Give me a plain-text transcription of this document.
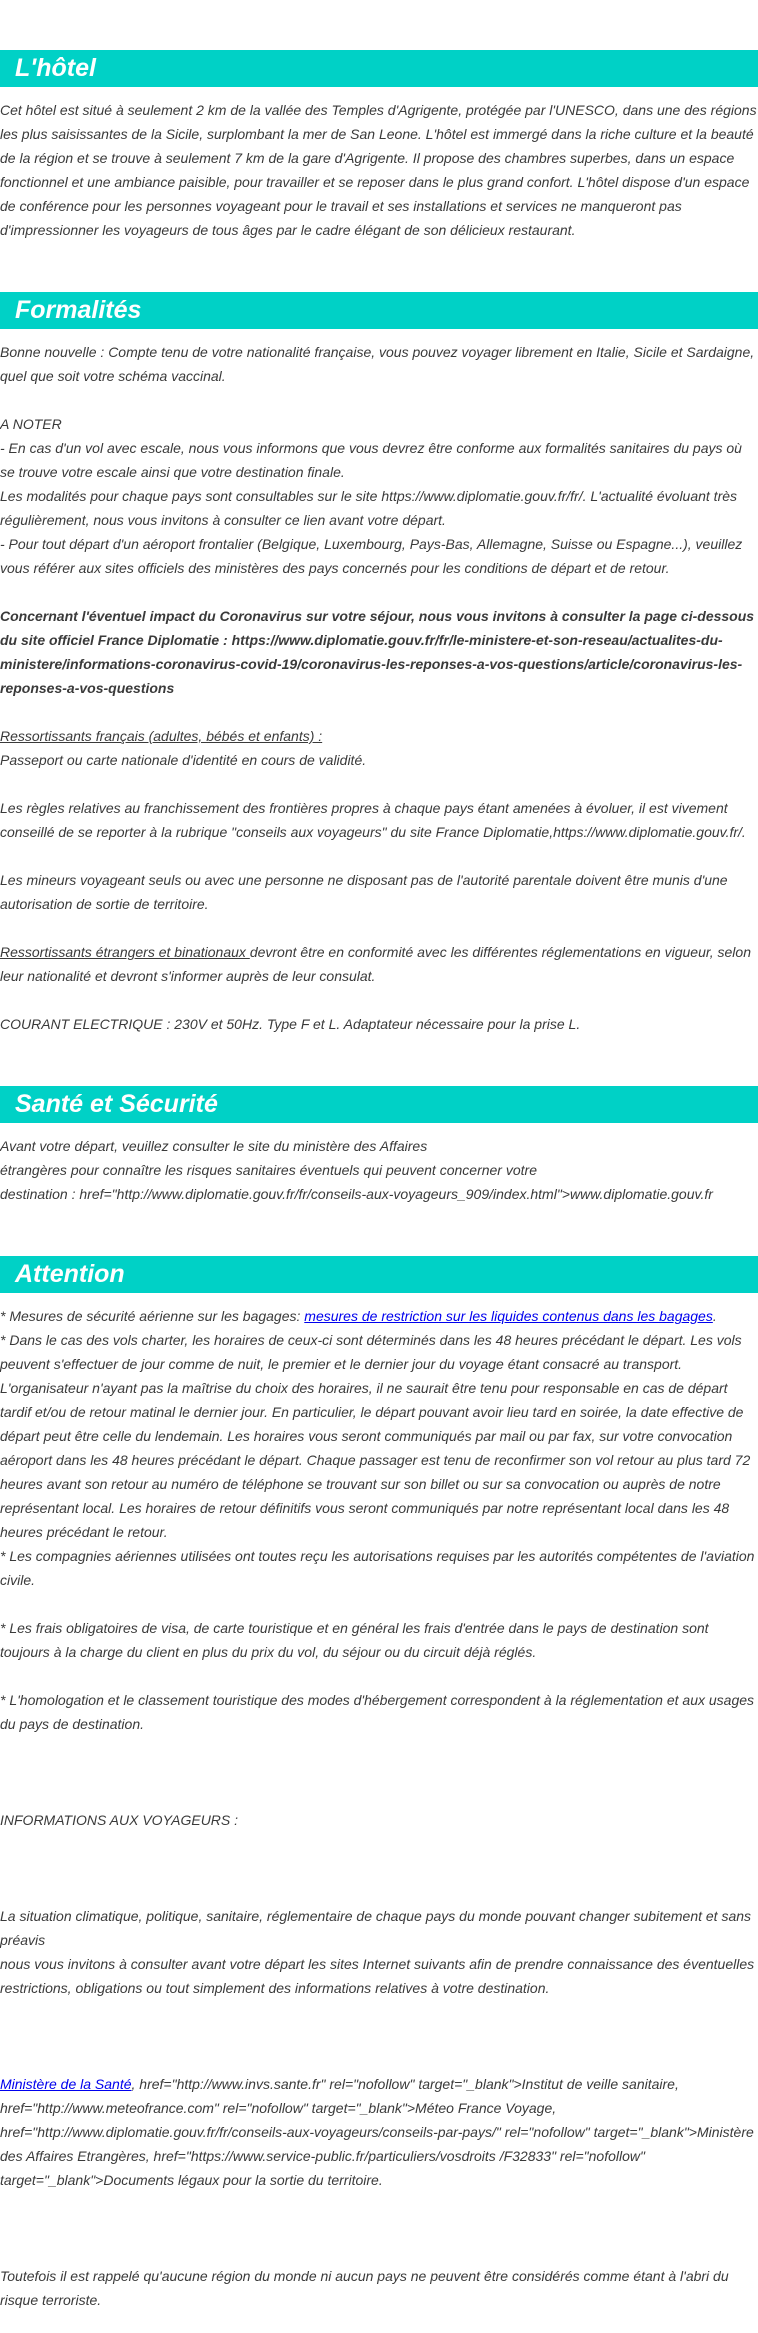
L'hôtel

Cet hôtel est situé à seulement 2 km de la vallée des Temples d'Agrigente, protégée par l'UNESCO, dans une des régions les plus saisissantes de la Sicile, surplombant la mer de San Leone. L'hôtel est immergé dans la riche culture et la beauté de la région et se trouve à seulement 7 km de la gare d'Agrigente. Il propose des chambres superbes, dans un espace fonctionnel et une ambiance paisible, pour travailler et se reposer dans le plus grand confort. L'hôtel dispose d'un espace de conférence pour les personnes voyageant pour le travail et ses installations et services ne manqueront pas d'impressionner les voyageurs de tous âges par le cadre élégant de son délicieux restaurant.

Formalités

Bonne nouvelle : Compte tenu de votre nationalité française, vous pouvez voyager librement en Italie, Sicile et Sardaigne, quel que soit votre schéma vaccinal.

A NOTER

- En cas d'un vol avec escale, nous vous informons que vous devrez être conforme aux formalités sanitaires du pays où se trouve votre escale ainsi que votre destination finale.

Les modalités pour chaque pays sont consultables sur le site https://www.diplomatie.gouv.fr/fr/. L'actualité évoluant très régulièrement, nous vous invitons à consulter ce lien avant votre départ.

- Pour tout départ d'un aéroport frontalier (Belgique, Luxembourg, Pays-Bas, Allemagne, Suisse ou Espagne...), veuillez vous référer aux sites officiels des ministères des pays concernés pour les conditions de départ et de retour.

Concernant l'éventuel impact du Coronavirus sur votre séjour, nous vous invitons à consulter la page ci-dessous du site officiel France Diplomatie : https://www.diplomatie.gouv.fr/fr/le-ministere-et-son-reseau/actualites-du-ministere/informations-coronavirus-covid-19/coronavirus-les-reponses-a-vos-questions/article/coronavirus-les-reponses-a-vos-questions

Ressortissants français (adultes, bébés et enfants) :

Passeport ou carte nationale d'identité en cours de validité.

Les règles relatives au franchissement des frontières propres à chaque pays étant amenées à évoluer, il est vivement conseillé de se reporter à la rubrique "conseils aux voyageurs" du site France Diplomatie,https://www.diplomatie.gouv.fr/.

Les mineurs voyageant seuls ou avec une personne ne disposant pas de l'autorité parentale doivent être munis d'une autorisation de sortie de territoire.

Ressortissants étrangers et binationaux devront être en conformité avec les différentes réglementations en vigueur, selon leur nationalité et devront s'informer auprès de leur consulat.

COURANT ELECTRIQUE : 230V et 50Hz. Type F et L. Adaptateur nécessaire pour la prise L.

Santé et Sécurité

Avant votre départ, veuillez consulter le site du ministère des Affaires

étrangères pour connaître les risques sanitaires éventuels qui peuvent concerner votre

destination : href="http://www.diplomatie.gouv.fr/fr/conseils-aux-voyageurs_909/index.html">www.diplomatie.gouv.fr

Attention

* Mesures de sécurité aérienne sur les bagages: mesures de restriction sur les liquides contenus dans les bagages.

* Dans le cas des vols charter, les horaires de ceux-ci sont déterminés dans les 48 heures précédant le départ. Les vols peuvent s'effectuer de jour comme de nuit, le premier et le dernier jour du voyage étant consacré au transport. L'organisateur n'ayant pas la maîtrise du choix des horaires, il ne saurait être tenu pour responsable en cas de départ tardif et/ou de retour matinal le dernier jour. En particulier, le départ pouvant avoir lieu tard en soirée, la date effective de départ peut être celle du lendemain. Les horaires vous seront communiqués par mail ou par fax, sur votre convocation aéroport dans les 48 heures précédant le départ. Chaque passager est tenu de reconfirmer son vol retour au plus tard 72 heures avant son retour au numéro de téléphone se trouvant sur son billet ou sur sa convocation ou auprès de notre représentant local. Les horaires de retour définitifs vous seront communiqués par notre représentant local dans les 48 heures précédant le retour.

* Les compagnies aériennes utilisées ont toutes reçu les autorisations requises par les autorités compétentes de l'aviation civile.

* Les frais obligatoires de visa, de carte touristique et en général les frais d'entrée dans le pays de destination sont toujours à la charge du client en plus du prix du vol, du séjour ou du circuit déjà réglés.

* L'homologation et le classement touristique des modes d'hébergement correspondent à la réglementation et aux usages du pays de destination.

INFORMATIONS AUX VOYAGEURS :

La situation climatique, politique, sanitaire, réglementaire de chaque pays du monde pouvant changer subitement et sans préavis

nous vous invitons à consulter avant votre départ les sites Internet suivants afin de prendre connaissance des éventuelles restrictions, obligations ou tout simplement des informations relatives à votre destination.

Ministère de la Santé, href="http://www.invs.sante.fr" rel="nofollow" target="_blank">Institut de veille sanitaire, href="http://www.meteofrance.com" rel="nofollow" target="_blank">Méteo France Voyage, href="http://www.diplomatie.gouv.fr/fr/conseils-aux-voyageurs/conseils-par-pays/" rel="nofollow" target="_blank">Ministère des Affaires Etrangères, href="https://www.service-public.fr/particuliers/vosdroits /F32833" rel="nofollow" target="_blank">Documents légaux pour la sortie du territoire.

Toutefois il est rappelé qu'aucune région du monde ni aucun pays ne peuvent être considérés comme étant à l'abri du risque terroriste.
